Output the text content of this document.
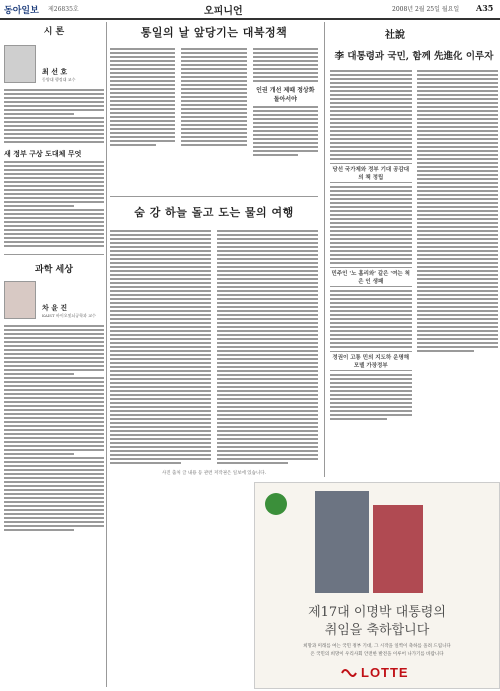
동아일보 제26835호	오피니언	2008년 2월 25일 월요일 A35
시 론
최 선 호
동양대 행정대 교수
새 정부 구상 도대체 무엇
과학 세상
차 윤 진
KAIST 바이오및뇌공학과 교수
통일의 날 앞당기는 대북정책
인권 개선 제때 정상화 돌아서야
숨 강 하늘 돌고 도는 물의 여행
사진 출처 글 내용 등 관련 저작권은 일보에 있습니다.
社說
李 대통령과 국민, 함께 先進化 이루자
당선 국가제와 정부 기대 공감대의 책 정립
민주인 '노 홈리와' 같은 '여는 척 은 인 생패
정권이 고통 민의 지도하 운명해 모델 가장정부
제17대 이명박 대통령의
취임을 축하합니다
희망과 미래를 여는 국민 정부 기대, 그 시작을 일찍이 축하를 올려 드립니다
온 국민의 희망이 우리사회 안전한 발전을 이루어 나가기를 바랍니다
LOTTE
